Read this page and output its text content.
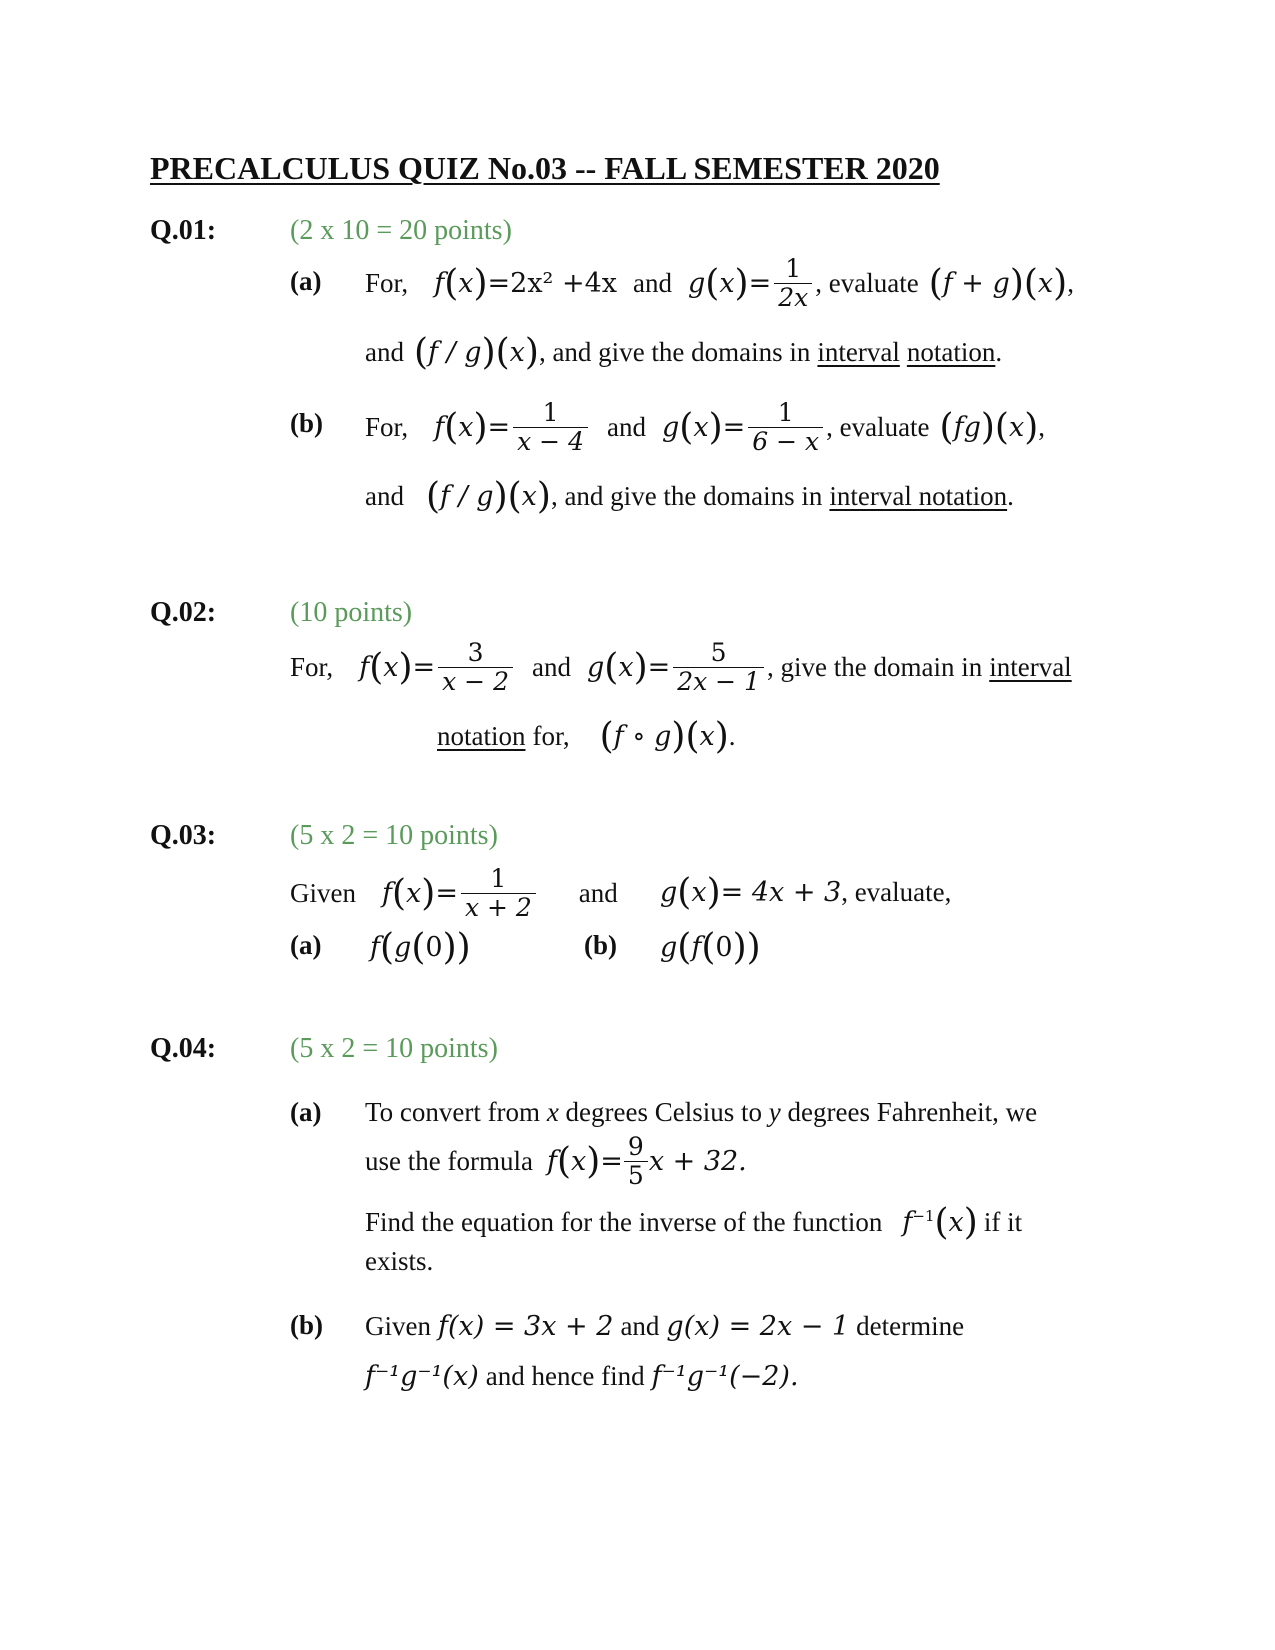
PRECALCULUS QUIZ No.03 -- FALL SEMESTER 2020
Q.01:	(2 x 10 = 20 points)
(a) For, f ( x ) =2x² +4x and g ( x ) = $\frac{1}{2x}$ , evaluate ( f + g ) ( x ) ,
and ( f / g ) ( x ) , and give the domains in interval notation .
(b) For, f ( x ) = $\frac{1}{x - 4}$ and g ( x ) = $\frac{1}{6 - x}$ , evaluate ( fg ) ( x ) ,
and ( f / g ) ( x ) , and give the domains in interval notation .
Q.02:	(10 points)
For, f ( x ) = $\frac{3}{x - 2}$ and g ( x ) = $\frac{5}{2x - 1}$ , give the domain in interval
notation for, ( f ∘ g ) ( x ) .
Q.03:	(5 x 2 = 10 points)
Given f ( x ) = $\frac{1}{x + 2}$ and g ( x ) = 4x + 3 , evaluate,
(a) f ( g ( 0 ))	(b) g ( f ( 0 ))
Q.04:	(5 x 2 = 10 points)
(a) To convert from x degrees Celsius to y degrees Fahrenheit, we
use the formula f ( x ) = $\frac{9}{5}$ x + 32.
Find the equation for the inverse of the function $f^{-1}$ ( x ) if it
exists.
(b) Given f(x) = 3x + 2 and g(x) = 2x − 1 determine
f⁻¹g⁻¹(x) and hence find f⁻¹g⁻¹(−2).
